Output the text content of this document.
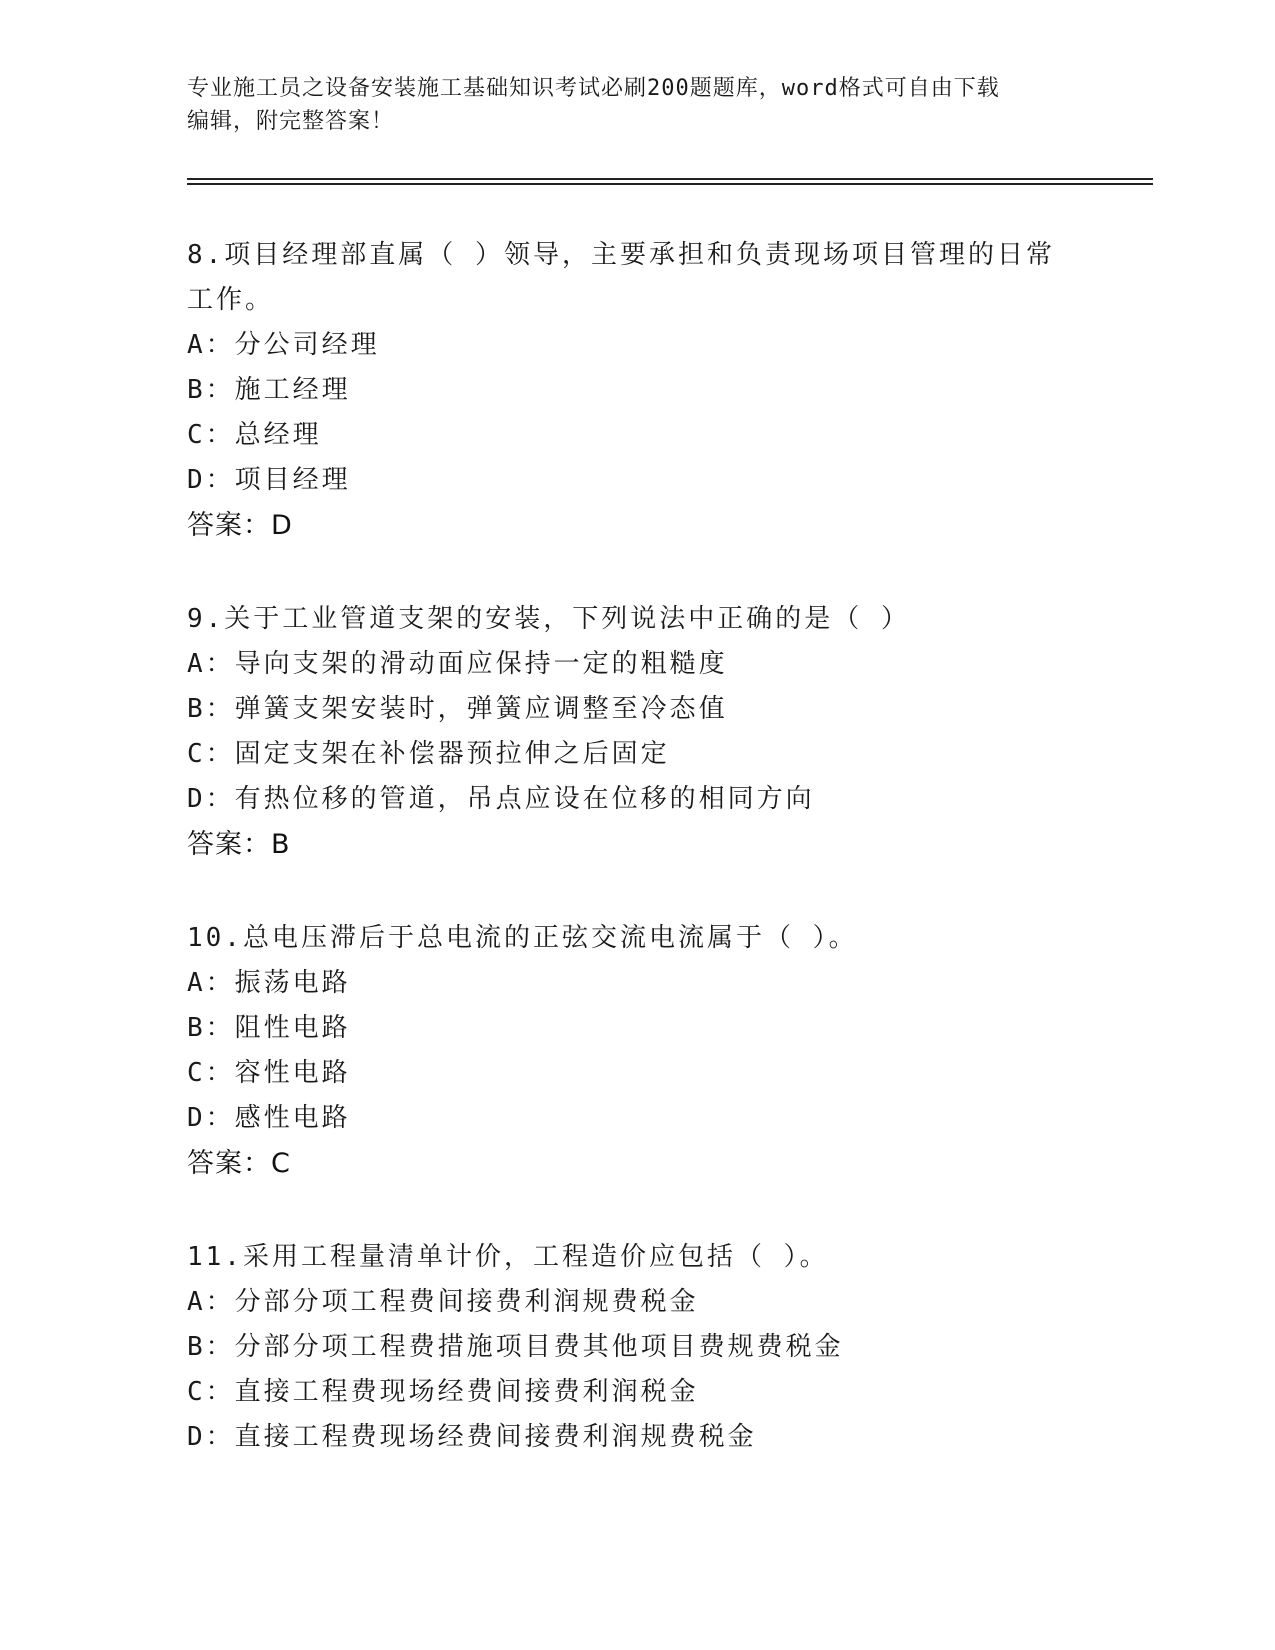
专业施工员之设备安装施工基础知识考试必刷200题题库，word格式可自由下载
编辑，附完整答案！
8.项目经理部直属（ ）领导，主要承担和负责现场项目管理的日常工作。
A：分公司经理
B：施工经理
C：总经理
D：项目经理
答案：D
9.关于工业管道支架的安装，下列说法中正确的是（ ）
A：导向支架的滑动面应保持一定的粗糙度
B：弹簧支架安装时，弹簧应调整至冷态值
C：固定支架在补偿器预拉伸之后固定
D：有热位移的管道，吊点应设在位移的相同方向
答案：B
10.总电压滞后于总电流的正弦交流电流属于（ ）。
A：振荡电路
B：阻性电路
C：容性电路
D：感性电路
答案：C
11.采用工程量清单计价，工程造价应包括（ ）。
A：分部分项工程费间接费利润规费税金
B：分部分项工程费措施项目费其他项目费规费税金
C：直接工程费现场经费间接费利润税金
D：直接工程费现场经费间接费利润规费税金
